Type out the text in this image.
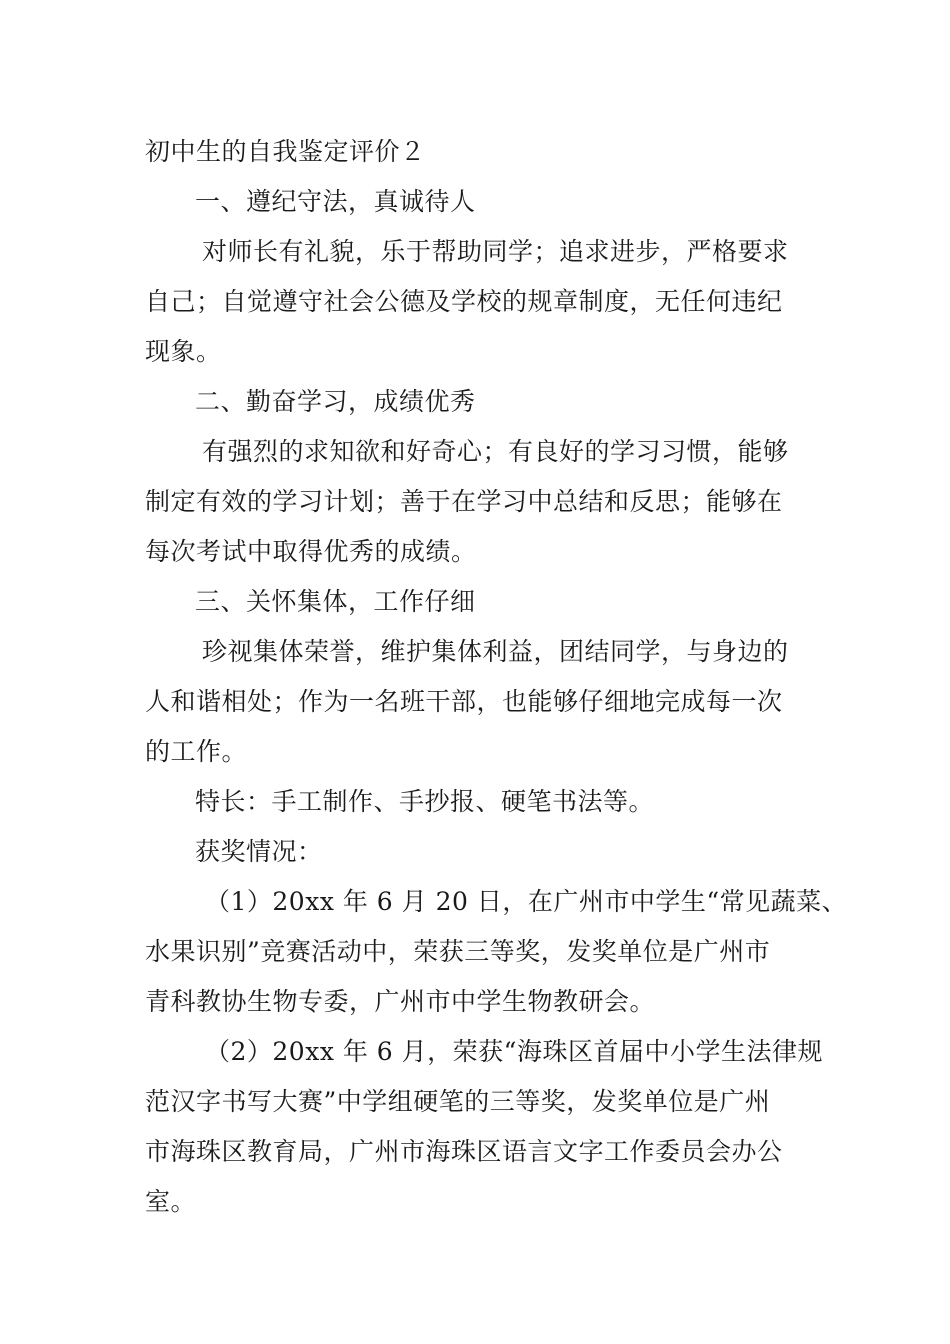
初中生的自我鉴定评价２
一、遵纪守法，真诚待人
对师长有礼貌，乐于帮助同学；追求进步，严格要求
自己；自觉遵守社会公德及学校的规章制度，无任何违纪
现象。
二、勤奋学习，成绩优秀
有强烈的求知欲和好奇心；有良好的学习习惯，能够
制定有效的学习计划；善于在学习中总结和反思；能够在
每次考试中取得优秀的成绩。
三、关怀集体，工作仔细
珍视集体荣誉，维护集体利益，团结同学，与身边的
人和谐相处；作为一名班干部，也能够仔细地完成每一次
的工作。
特长：手工制作、手抄报、硬笔书法等。
获奖情况：
（1）20xx 年 6 月 20 日，在广州市中学生“常见蔬菜、
水果识别”竞赛活动中，荣获三等奖，发奖单位是广州市
青科教协生物专委，广州市中学生物教研会。
（2）20xx 年 6 月，荣获“海珠区首届中小学生法律规
范汉字书写大赛”中学组硬笔的三等奖，发奖单位是广州
市海珠区教育局，广州市海珠区语言文字工作委员会办公
室。
